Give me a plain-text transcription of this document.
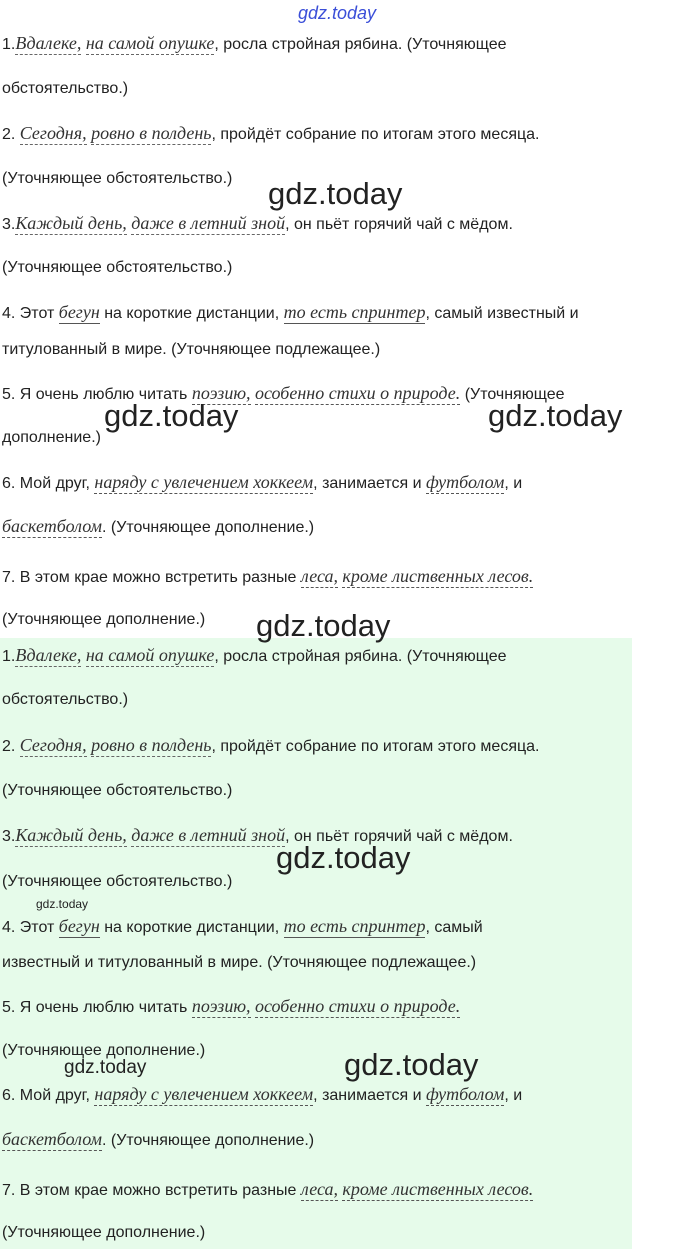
gdz.today
1.Вдалеке, на самой опушке, росла стройная рябина. (Уточняющее
обстоятельство.)
2. Сегодня, ровно в полдень, пройдёт собрание по итогам этого месяца.
(Уточняющее обстоятельство.)
3.Каждый день, даже в летний зной, он пьёт горячий чай с мёдом.
(Уточняющее обстоятельство.)
4. Этот бегун на короткие дистанции, то есть спринтер, самый известный и
титулованный в мире. (Уточняющее подлежащее.)
5. Я очень люблю читать поэзию, особенно стихи о природе. (Уточняющее
дополнение.)
6. Мой друг, наряду с увлечением хоккеем, занимается и футболом, и
баскетболом. (Уточняющее дополнение.)
7. В этом крае можно встретить разные леса, кроме лиственных лесов.
(Уточняющее дополнение.)
1.Вдалеке, на самой опушке, росла стройная рябина. (Уточняющее
обстоятельство.)
2. Сегодня, ровно в полдень, пройдёт собрание по итогам этого месяца.
(Уточняющее обстоятельство.)
3.Каждый день, даже в летний зной, он пьёт горячий чай с мёдом.
(Уточняющее обстоятельство.)
4. Этот бегун на короткие дистанции, то есть спринтер, самый
известный и титулованный в мире. (Уточняющее подлежащее.)
5. Я очень люблю читать поэзию, особенно стихи о природе.
(Уточняющее дополнение.)
6. Мой друг, наряду с увлечением хоккеем, занимается и футболом, и
баскетболом. (Уточняющее дополнение.)
7. В этом крае можно встретить разные леса, кроме лиственных лесов.
(Уточняющее дополнение.)
gdz.today
gdz.today	gdz.today
gdz.today
gdz.today
gdz.today
gdz.today
gdz.today
